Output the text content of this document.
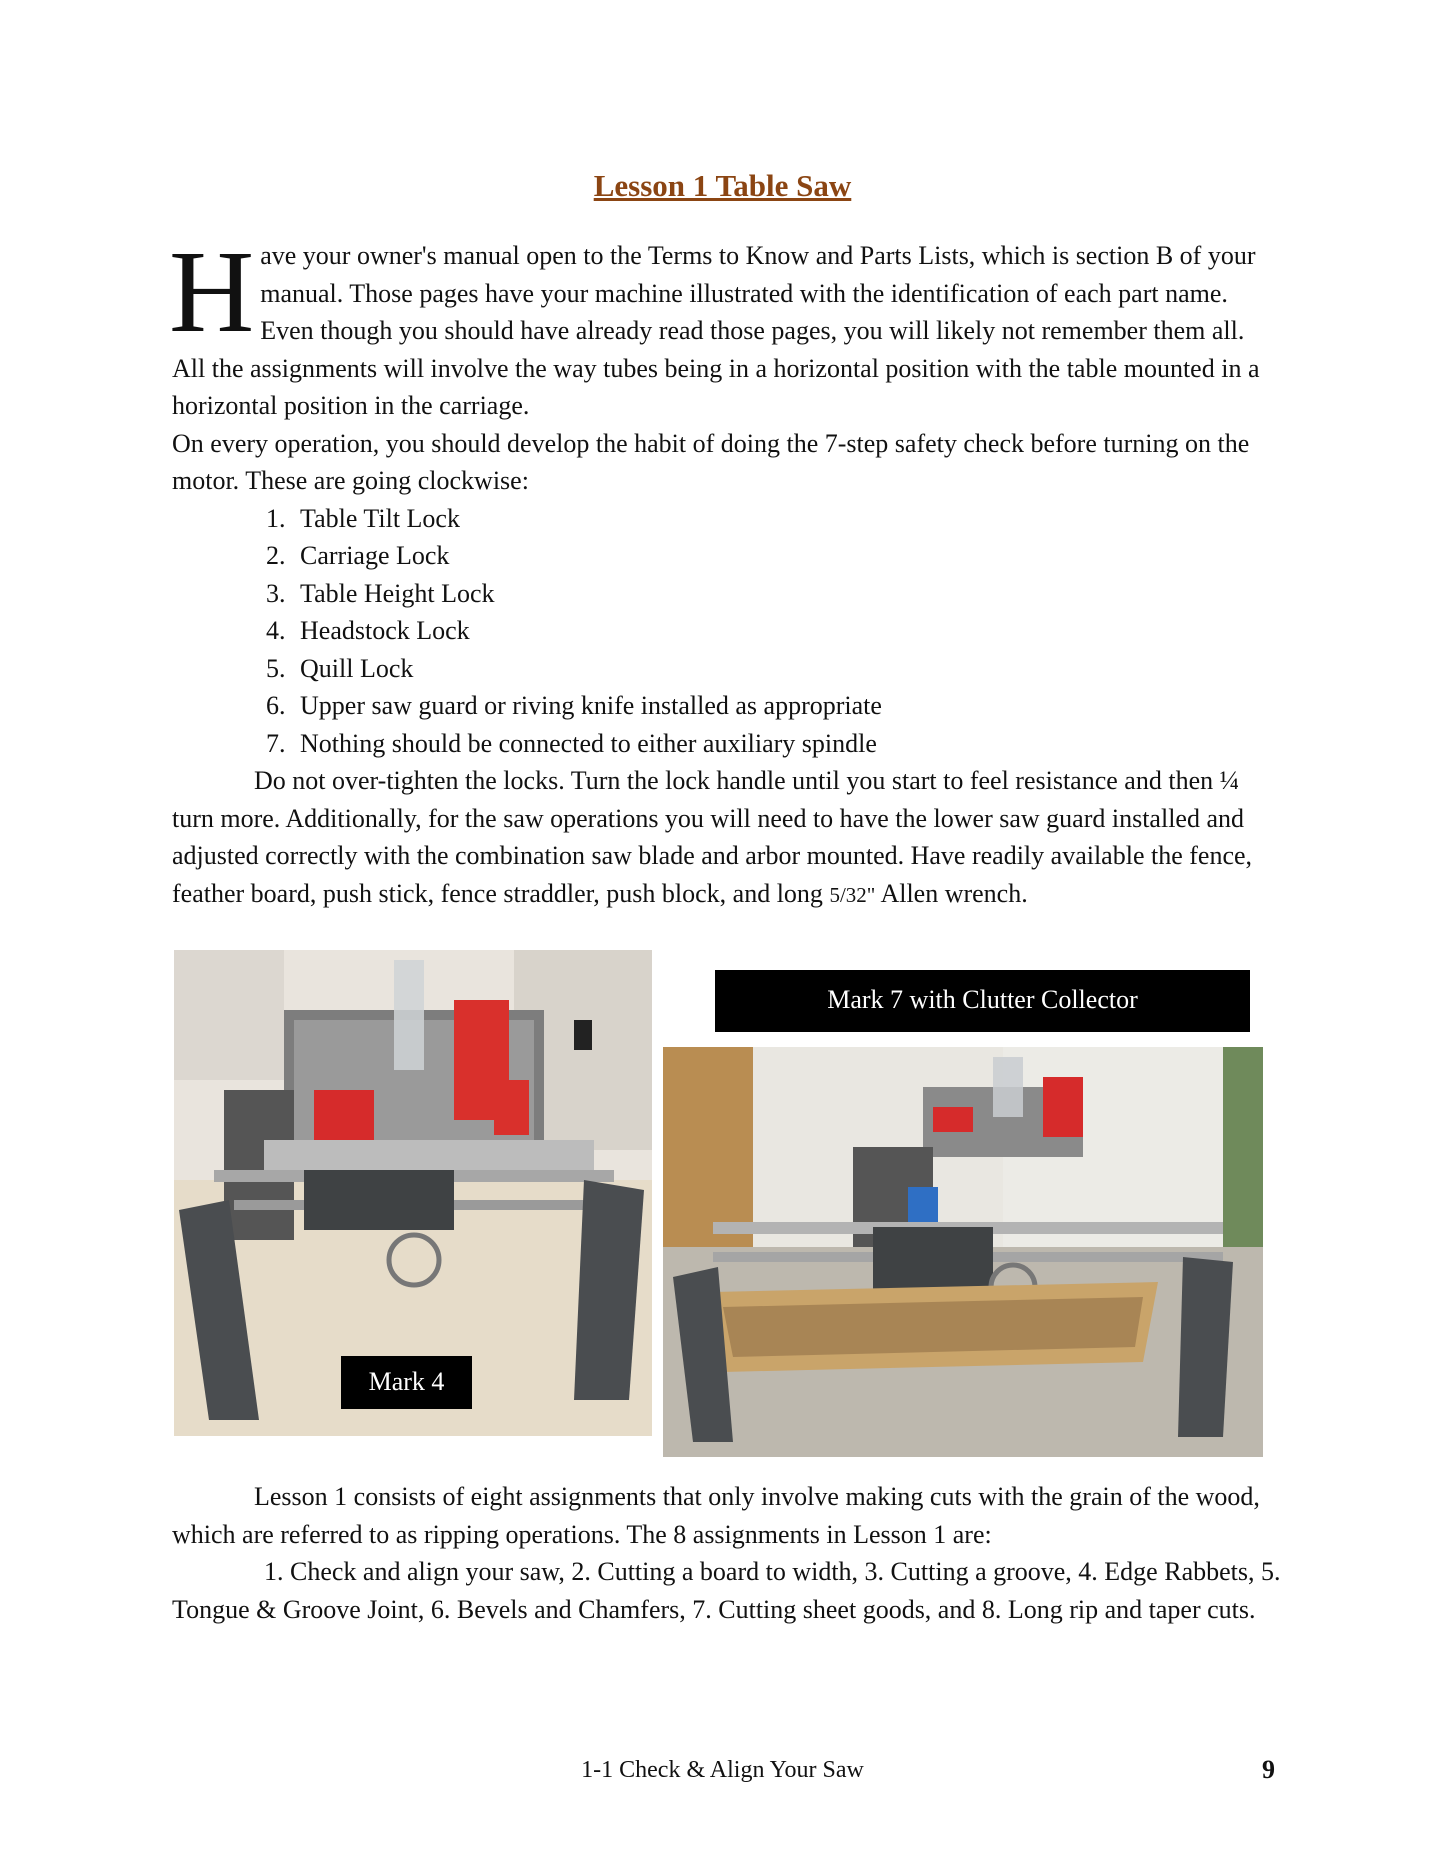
Lesson 1 Table Saw
H ave your owner's manual open to the Terms to Know and Parts Lists, which is section B of your manual. Those pages have your machine illustrated with the identification of each part name. Even though you should have already read those pages, you will likely not remember them all. All the assignments will involve the way tubes being in a horizontal position with the table mounted in a horizontal position in the carriage.

On every operation, you should develop the habit of doing the 7-step safety check before turning on the motor. These are going clockwise:

1. Table Tilt Lock
2. Carriage Lock
3. Table Height Lock
4. Headstock Lock
5. Quill Lock
6. Upper saw guard or riving knife installed as appropriate
7. Nothing should be connected to either auxiliary spindle

Do not over-tighten the locks. Turn the lock handle until you start to feel resistance and then ¼ turn more. Additionally, for the saw operations you will need to have the lower saw guard installed and adjusted correctly with the combination saw blade and arbor mounted. Have readily available the fence, feather board, push stick, fence straddler, push block, and long 5/32" Allen wrench.

Mark 7 with Clutter Collector
Mark 4

Lesson 1 consists of eight assignments that only involve making cuts with the grain of the wood, which are referred to as ripping operations. The 8 assignments in Lesson 1 are:

1. Check and align your saw, 2. Cutting a board to width, 3. Cutting a groove, 4. Edge Rabbets, 5. Tongue & Groove Joint, 6. Bevels and Chamfers, 7. Cutting sheet goods, and 8. Long rip and taper cuts.

1-1 Check & Align Your Saw	9
